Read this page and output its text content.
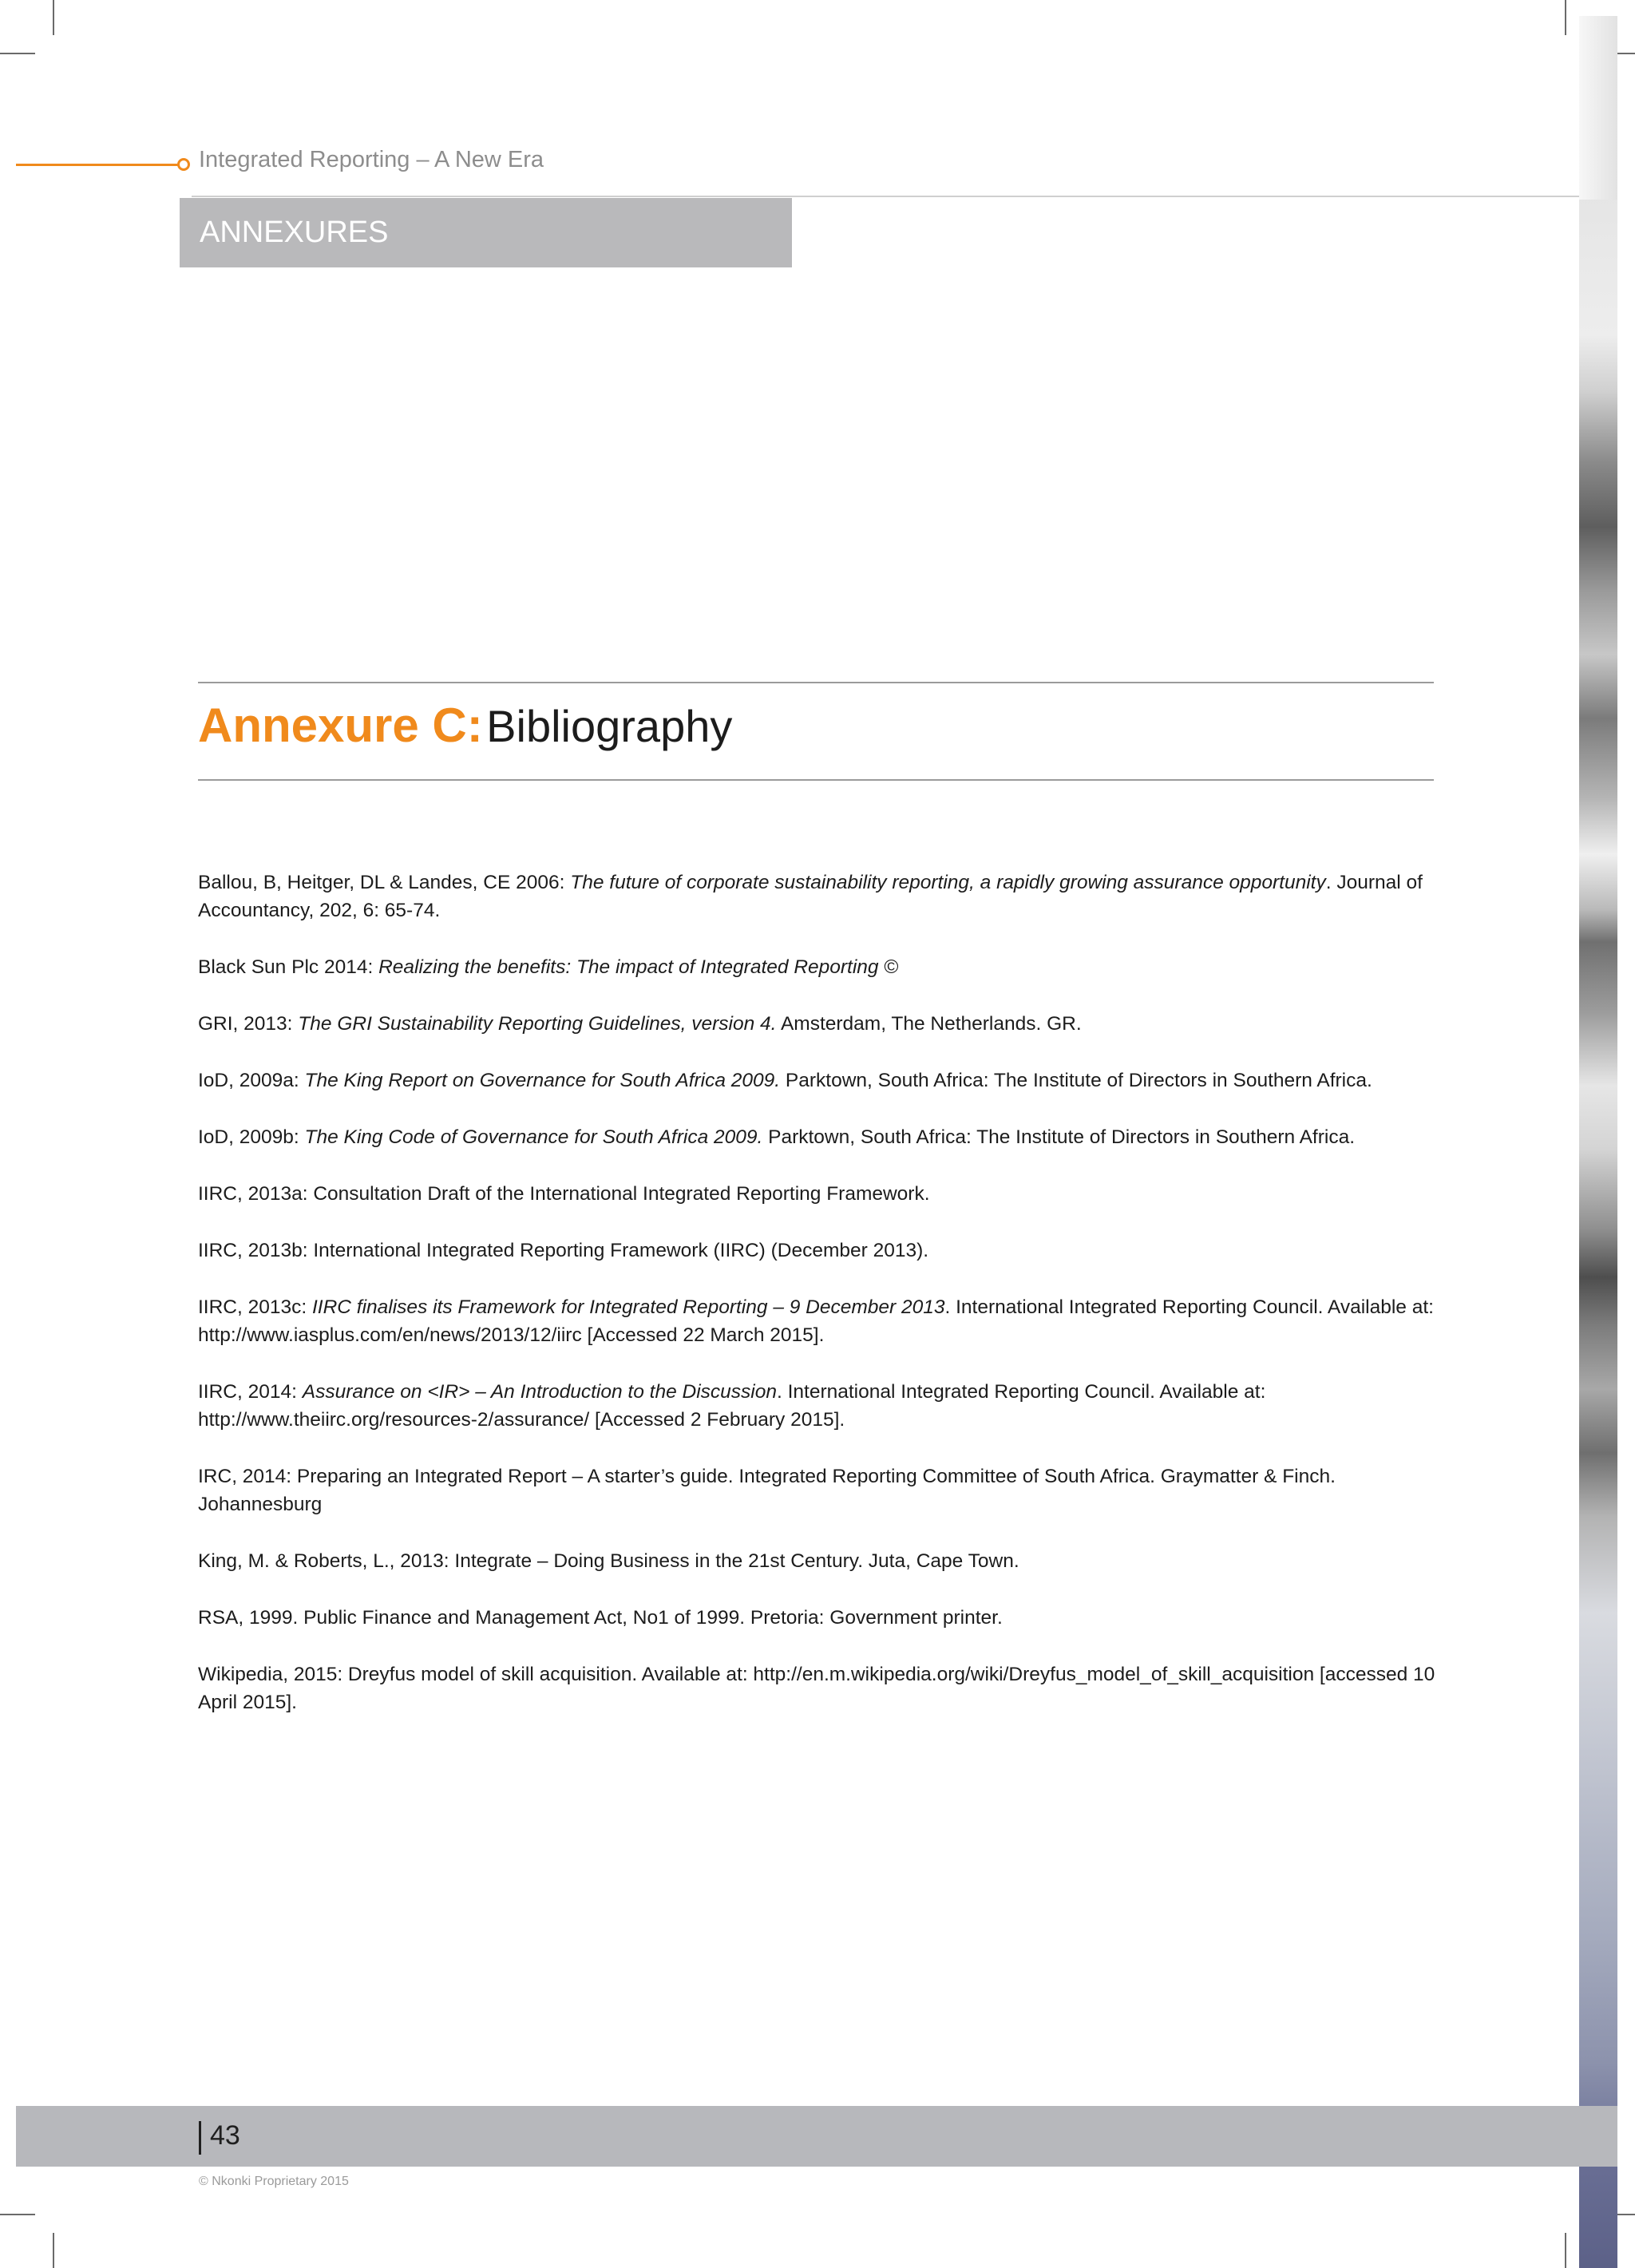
Integrated Reporting – A New Era
ANNEXURES
Annexure C: Bibliography

Ballou, B, Heitger, DL & Landes, CE 2006: The future of corporate sustainability reporting, a rapidly growing assurance opportunity. Journal of Accountancy, 202, 6: 65-74.

Black Sun Plc 2014: Realizing the benefits: The impact of Integrated Reporting ©

GRI, 2013: The GRI Sustainability Reporting Guidelines, version 4. Amsterdam, The Netherlands. GR.

IoD, 2009a: The King Report on Governance for South Africa 2009. Parktown, South Africa: The Institute of Directors in Southern Africa.

IoD, 2009b: The King Code of Governance for South Africa 2009. Parktown, South Africa: The Institute of Directors in Southern Africa.

IIRC, 2013a: Consultation Draft of the International Integrated Reporting Framework.

IIRC, 2013b: International Integrated Reporting Framework (IIRC) (December 2013).

IIRC, 2013c: IIRC finalises its Framework for Integrated Reporting – 9 December 2013. International Integrated Reporting Council. Available at: http://www.iasplus.com/en/news/2013/12/iirc [Accessed 22 March 2015].

IIRC, 2014: Assurance on <IR> – An Introduction to the Discussion. International Integrated Reporting Council. Available at: http://www.theiirc.org/resources-2/assurance/ [Accessed 2 February 2015].

IRC, 2014: Preparing an Integrated Report – A starter’s guide. Integrated Reporting Committee of South Africa. Graymatter & Finch. Johannesburg

King, M. & Roberts, L., 2013: Integrate – Doing Business in the 21st Century. Juta, Cape Town.

RSA, 1999. Public Finance and Management Act, No1 of 1999. Pretoria: Government printer.

Wikipedia, 2015: Dreyfus model of skill acquisition. Available at: http://en.m.wikipedia.org/wiki/Dreyfus_model_of_skill_acquisition [accessed 10 April 2015].

43
© Nkonki Proprietary 2015
